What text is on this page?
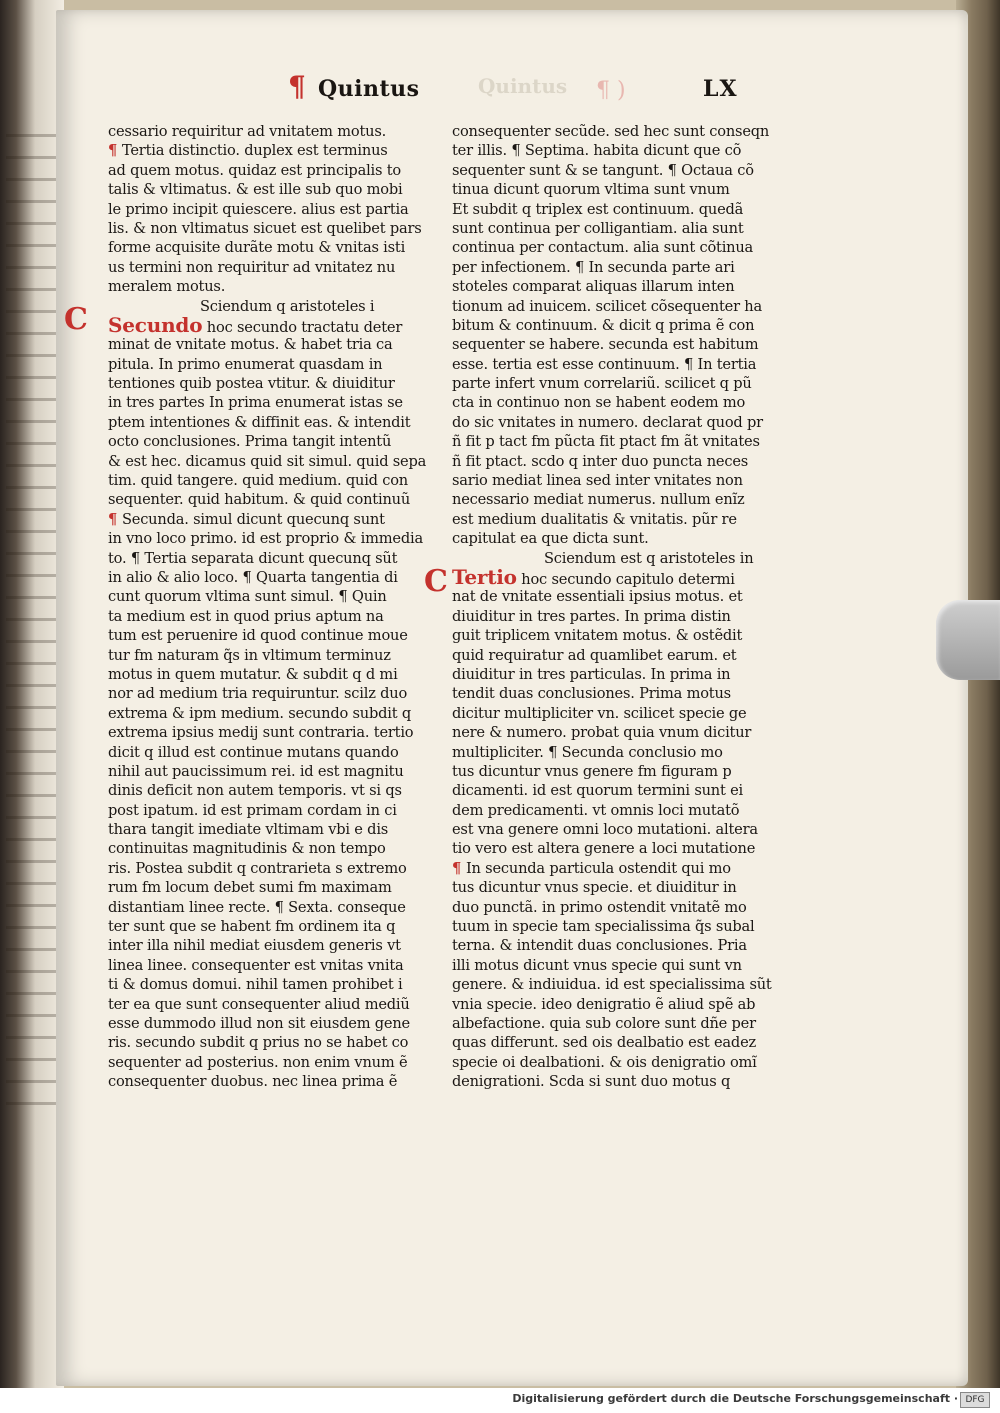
¶ Quintus	LX
Quintus	¶ )
C
C
cessario requiritur ad vnitatem motus.
¶ Tertia distinctio. duplex est terminus
ad quem motus. quidaz est principalis to
talis & vltimatus. & est ille sub quo mobi
le primo incipit quiescere. alius est partia
lis. & non vltimatus sicuet est quelibet pars
forme acquisite durãte motu & vnitas isti
us termini non requiritur ad vnitatez nu
meralem motus.
Sciendum q aristoteles i
Secundo hoc secundo tractatu deter
minat de vnitate motus. & habet tria ca
pitula. In primo enumerat quasdam in
tentiones quib postea vtitur. & diuiditur
in tres partes In prima enumerat istas se
ptem intentiones & diffinit eas. & intendit
octo conclusiones. Prima tangit intentũ
& est hec. dicamus quid sit simul. quid sepa
tim. quid tangere. quid medium. quid con
sequenter. quid habitum. & quid continuũ
¶ Secunda. simul dicunt quecunq sunt
in vno loco primo. id est proprio & immedia
to. ¶ Tertia separata dicunt quecunq sũt
in alio & alio loco. ¶ Quarta tangentia di
cunt quorum vltima sunt simul. ¶ Quin
ta medium est in quod prius aptum na
tum est peruenire id quod continue moue
tur fm naturam q̃s in vltimum terminuz
motus in quem mutatur. & subdit q d mi
nor ad medium tria requiruntur. scilz duo
extrema & ipm medium. secundo subdit q
extrema ipsius medij sunt contraria. tertio
dicit q illud est continue mutans quando
nihil aut paucissimum rei. id est magnitu
dinis deficit non autem temporis. vt si qs
post ipatum. id est primam cordam in ci
thara tangit imediate vltimam vbi e dis
continuitas magnitudinis & non tempo
ris. Postea subdit q contrarieta s extremo
rum fm locum debet sumi fm maximam
distantiam linee recte. ¶ Sexta. conseque
ter sunt que se habent fm ordinem ita q
inter illa nihil mediat eiusdem generis vt
linea linee. consequenter est vnitas vnita
ti & domus domui. nihil tamen prohibet i
ter ea que sunt consequenter aliud mediũ
esse dummodo illud non sit eiusdem gene
ris. secundo subdit q prius no se habet co
sequenter ad posterius. non enim vnum ẽ
consequenter duobus. nec linea prima ẽ
consequenter secũde. sed hec sunt conseqn
ter illis. ¶ Septima. habita dicunt que cõ
sequenter sunt & se tangunt. ¶ Octaua cõ
tinua dicunt quorum vltima sunt vnum
Et subdit q triplex est continuum. quedã
sunt continua per colligantiam. alia sunt
continua per contactum. alia sunt cõtinua
per infectionem. ¶ In secunda parte ari
stoteles comparat aliquas illarum inten
tionum ad inuicem. scilicet cõsequenter ha
bitum & continuum. & dicit q prima ẽ con
sequenter se habere. secunda est habitum
esse. tertia est esse continuum. ¶ In tertia
parte infert vnum correlariũ. scilicet q pũ
cta in continuo non se habent eodem mo
do sic vnitates in numero. declarat quod pr
ñ fit p tact fm pũcta fit ptact fm ãt vnitates
ñ fit ptact. scdo q inter duo puncta neces
sario mediat linea sed inter vnitates non
necessario mediat numerus. nullum enĩz
est medium dualitatis & vnitatis. pũr re
capitulat ea que dicta sunt.
Sciendum est q aristoteles in
Tertio hoc secundo capitulo determi
nat de vnitate essentiali ipsius motus. et
diuiditur in tres partes. In prima distin
guit triplicem vnitatem motus. & ostẽdit
quid requiratur ad quamlibet earum. et
diuiditur in tres particulas. In prima in
tendit duas conclusiones. Prima motus
dicitur multipliciter vn. scilicet specie ge
nere & numero. probat quia vnum dicitur
multipliciter. ¶ Secunda conclusio mo
tus dicuntur vnus genere fm figuram p
dicamenti. id est quorum termini sunt ei
dem predicamenti. vt omnis loci mutatõ
est vna genere omni loco mutationi. altera
tio vero est altera genere a loci mutatione
¶ In secunda particula ostendit qui mo
tus dicuntur vnus specie. et diuiditur in
duo punctã. in primo ostendit vnitatẽ mo
tuum in specie tam specialissima q̃s subal
terna. & intendit duas conclusiones. Pria
illi motus dicunt vnus specie qui sunt vn
genere. & indiuidua. id est specialissima sũt
vnia specie. ideo denigratio ẽ aliud spẽ ab
albefactione. quia sub colore sunt dñe per
quas differunt. sed ois dealbatio est eadez
specie oi dealbationi. & ois denigratio omĩ
denigrationi. Scda si sunt duo motus q
Digitalisierung gefördert durch die Deutsche Forschungsgemeinschaft · DFG
